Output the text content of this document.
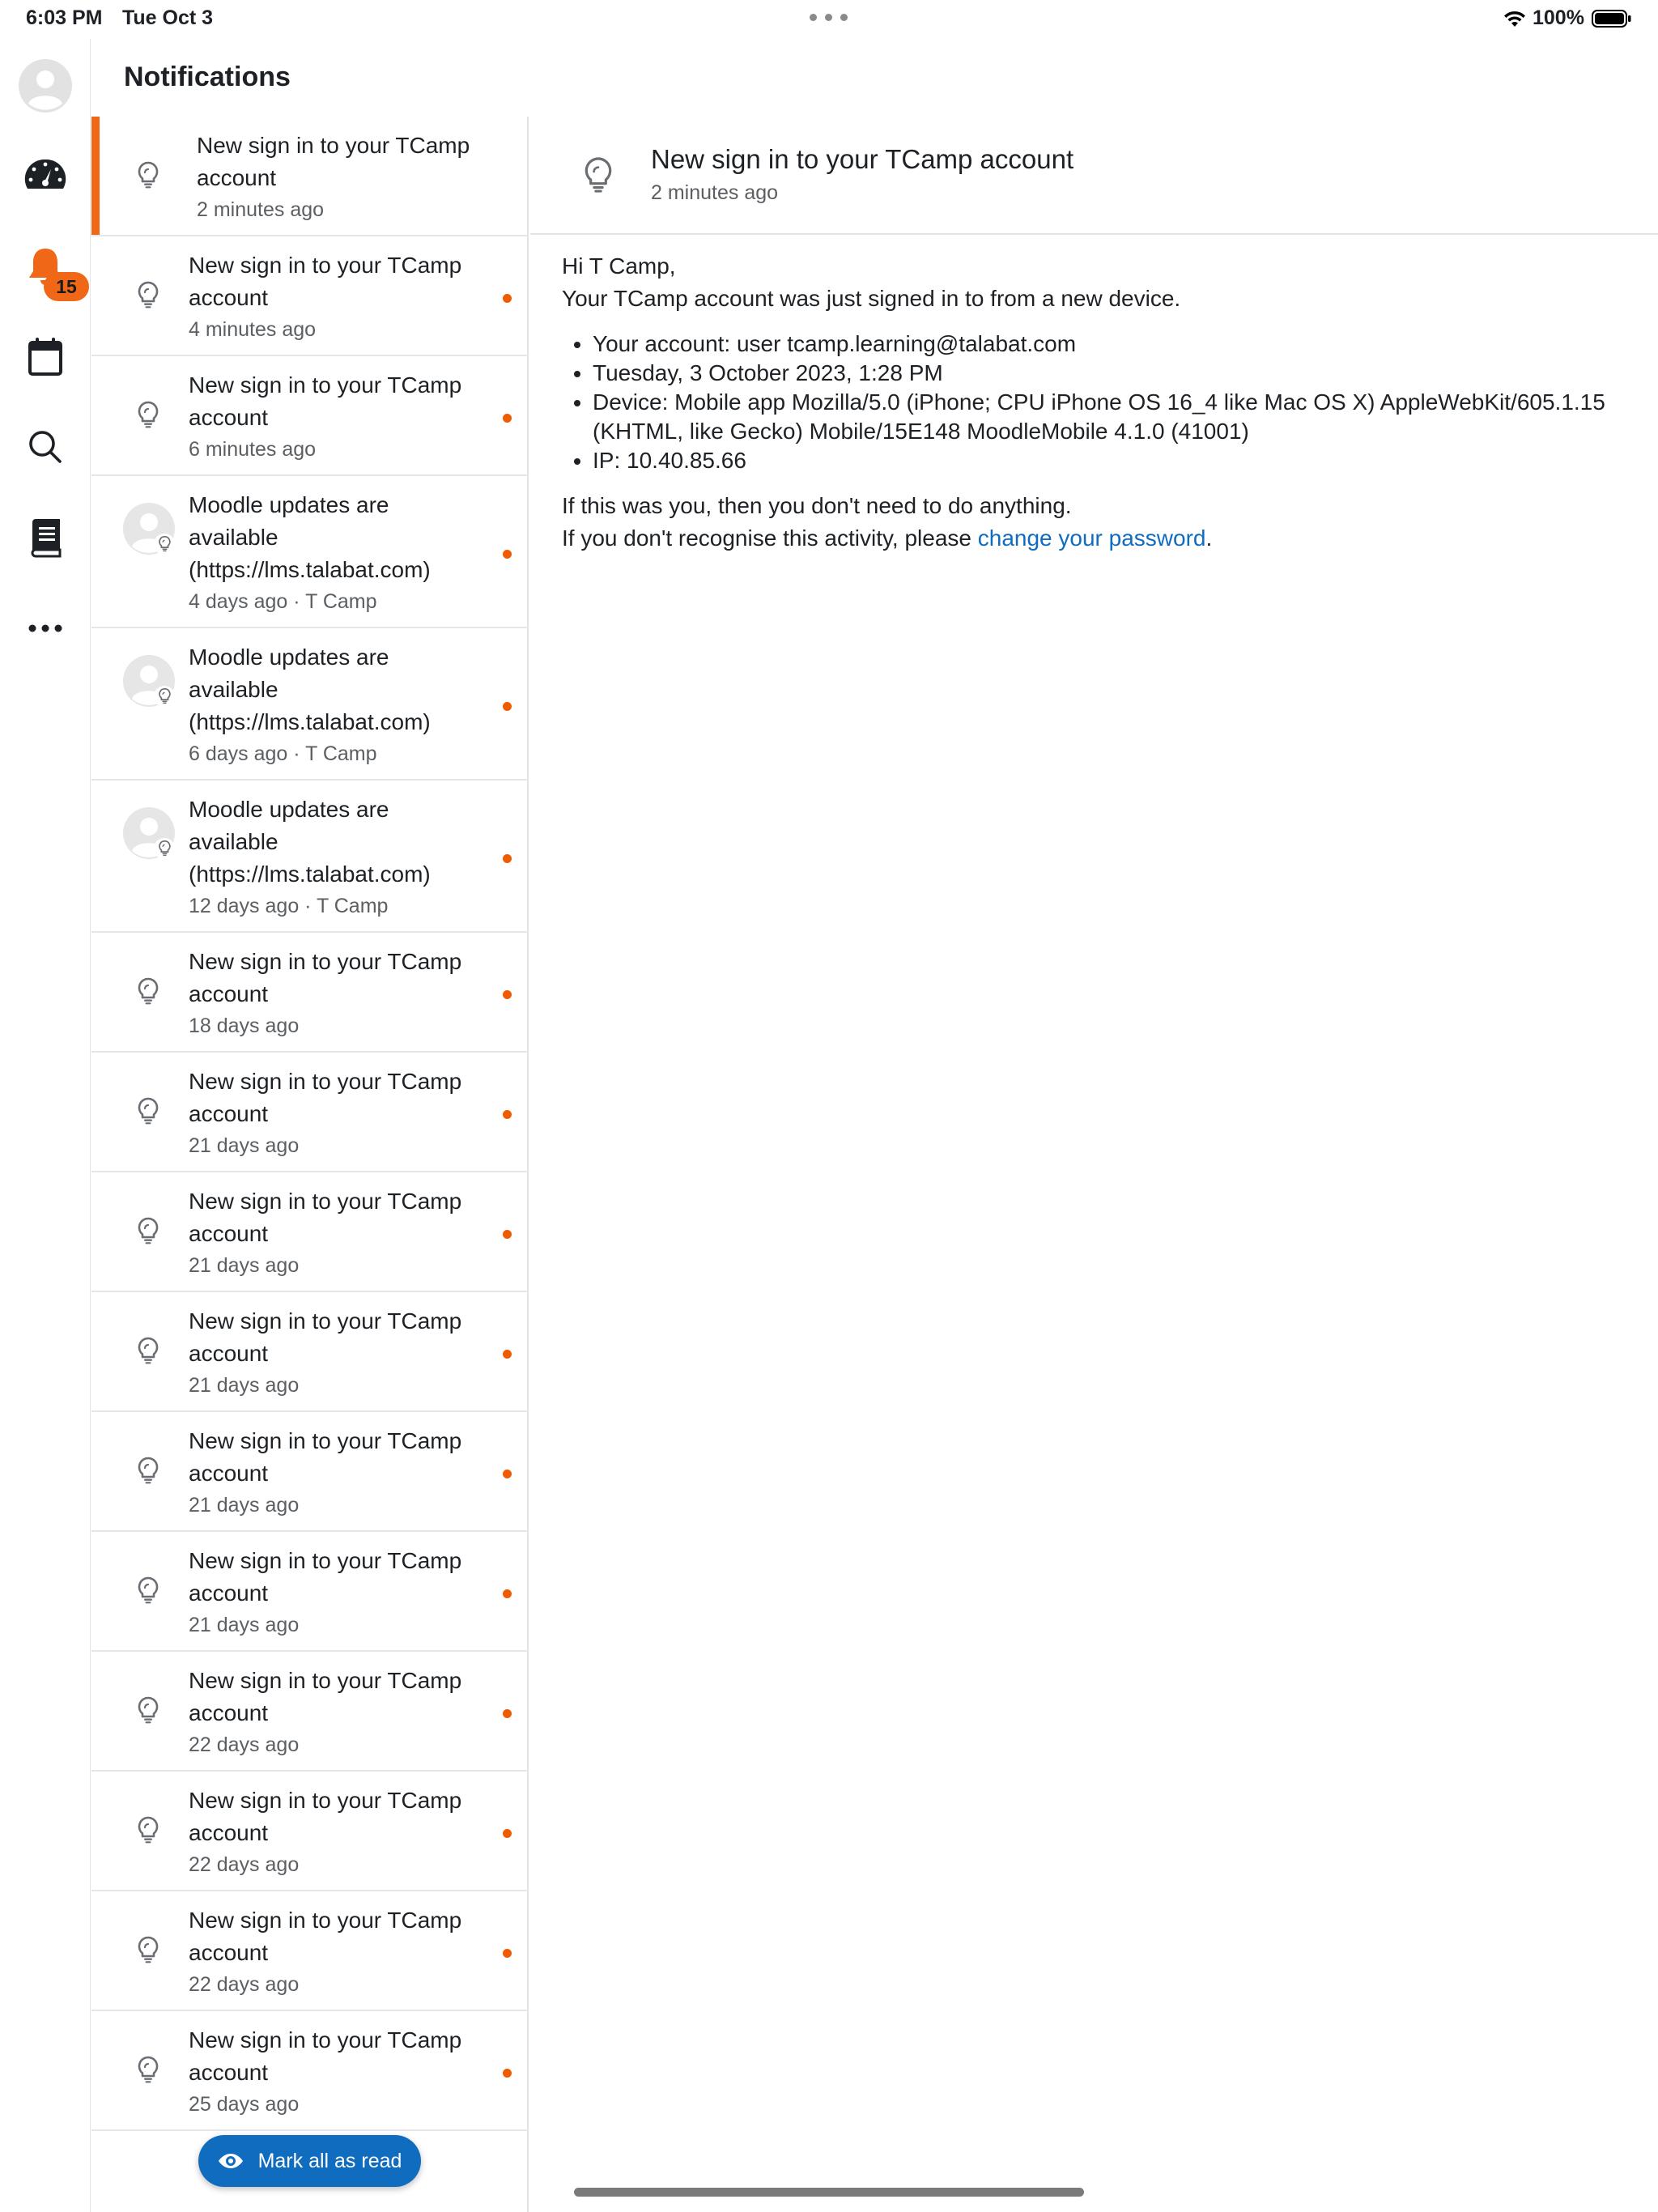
6:03 PM Tue Oct 3	100%
15
Notifications
New sign in to your TCamp account
2 minutes ago
New sign in to your TCamp account
4 minutes ago
New sign in to your TCamp account
6 minutes ago
Moodle updates are available (https://lms.talabat.com)
4 days ago · T Camp
Moodle updates are available (https://lms.talabat.com)
6 days ago · T Camp
Moodle updates are available (https://lms.talabat.com)
12 days ago · T Camp
New sign in to your TCamp account
18 days ago
New sign in to your TCamp account
21 days ago
New sign in to your TCamp account
21 days ago
New sign in to your TCamp account
21 days ago
New sign in to your TCamp account
21 days ago
New sign in to your TCamp account
21 days ago
New sign in to your TCamp account
22 days ago
New sign in to your TCamp account
22 days ago
New sign in to your TCamp account
22 days ago
New sign in to your TCamp account
25 days ago
Mark all as read
New sign in to your TCamp account
2 minutes ago

Hi T Camp,

Your TCamp account was just signed in to from a new device.

• Your account: user tcamp.learning@talabat.com
• Tuesday, 3 October 2023, 1:28 PM
• Device: Mobile app Mozilla/5.0 (iPhone; CPU iPhone OS 16_4 like Mac OS X) AppleWebKit/605.1.15 (KHTML, like Gecko) Mobile/15E148 MoodleMobile 4.1.0 (41001)
• IP: 10.40.85.66

If this was you, then you don't need to do anything.

If you don't recognise this activity, please change your password.
